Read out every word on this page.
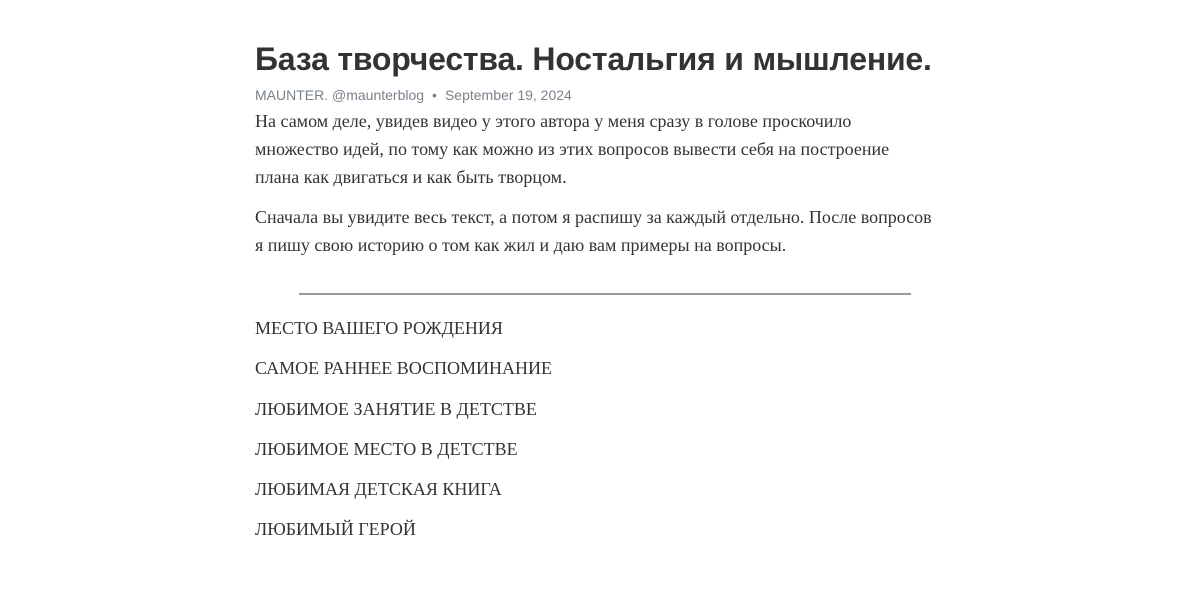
База творчества. Ностальгия и мышление.
MAUNTER. @maunterblog • September 19, 2024

На самом деле, увидев видео у этого автора у меня сразу в голове проскочило множество идей, по тому как можно из этих вопросов вывести себя на построение плана как двигаться и как быть творцом.

Сначала вы увидите весь текст, а потом я распишу за каждый отдельно. После вопросов я пишу свою историю о том как жил и даю вам примеры на вопросы.

МЕСТО ВАШЕГО РОЖДЕНИЯ
САМОЕ РАННЕЕ ВОСПОМИНАНИЕ
ЛЮБИМОЕ ЗАНЯТИЕ В ДЕТСТВЕ
ЛЮБИМОЕ МЕСТО В ДЕТСТВЕ
ЛЮБИМАЯ ДЕТСКАЯ КНИГА
ЛЮБИМЫЙ ГЕРОЙ
